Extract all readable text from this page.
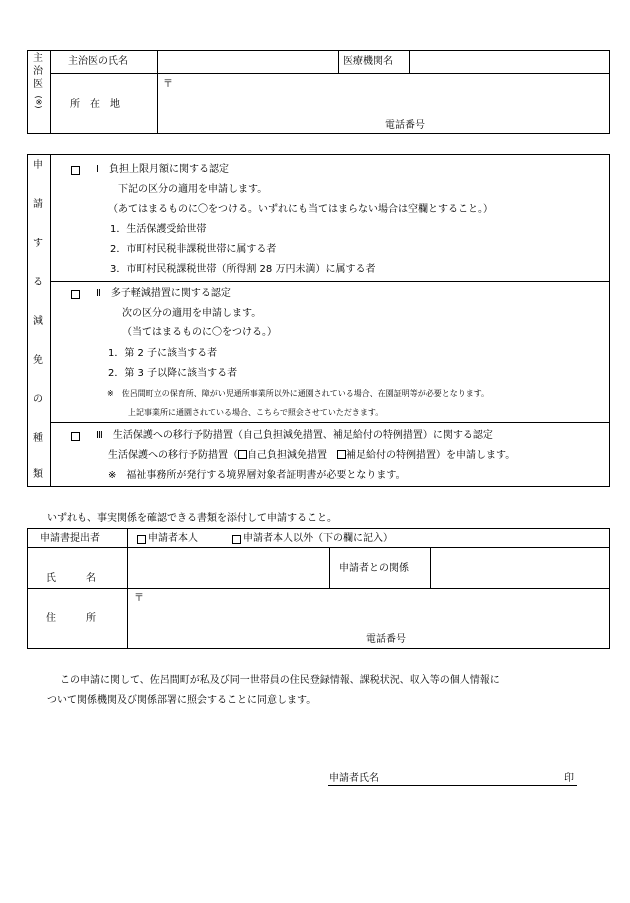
主
治
医
(※)
主治医の氏名	医療機関名
所　在　地
〒
電話番号
申
請
す
る
減
免
の
種
類
Ⅰ　負担上限月額に関する認定
下記の区分の適用を申請します。
（あてはまるものに〇をつける。いずれにも当てはまらない場合は空欄とすること。）
1．生活保護受給世帯
2．市町村民税非課税世帯に属する者
3．市町村民税課税世帯（所得割 28 万円未満）に属する者
Ⅱ　多子軽減措置に関する認定
次の区分の適用を申請します。
（当てはまるものに〇をつける。）
1．第 2 子に該当する者
2．第 3 子以降に該当する者
※　佐呂間町立の保育所、障がい児通所事業所以外に通園されている場合、在園証明等が必要となります。
上記事業所に通園されている場合、こちらで照会させていただきます。
Ⅲ　生活保護への移行予防措置（自己負担減免措置、補足給付の特例措置）に関する認定
生活保護への移行予防措置（ 自己負担減免措置　 補足給付の特例措置）を申請します。
※　福祉事務所が発行する境界層対象者証明書が必要となります。
いずれも、事実関係を確認できる書類を添付して申請すること。
申請書提出者	申請者本人	申請者本人以外（下の欄に記入）
氏　　　名
申請者との関係
住　　　所
〒
電話番号
この申請に関して、佐呂間町が私及び同一世帯員の住民登録情報、課税状況、収入等の個人情報に
ついて関係機関及び関係部署に照会することに同意します。
申請者氏名	印
